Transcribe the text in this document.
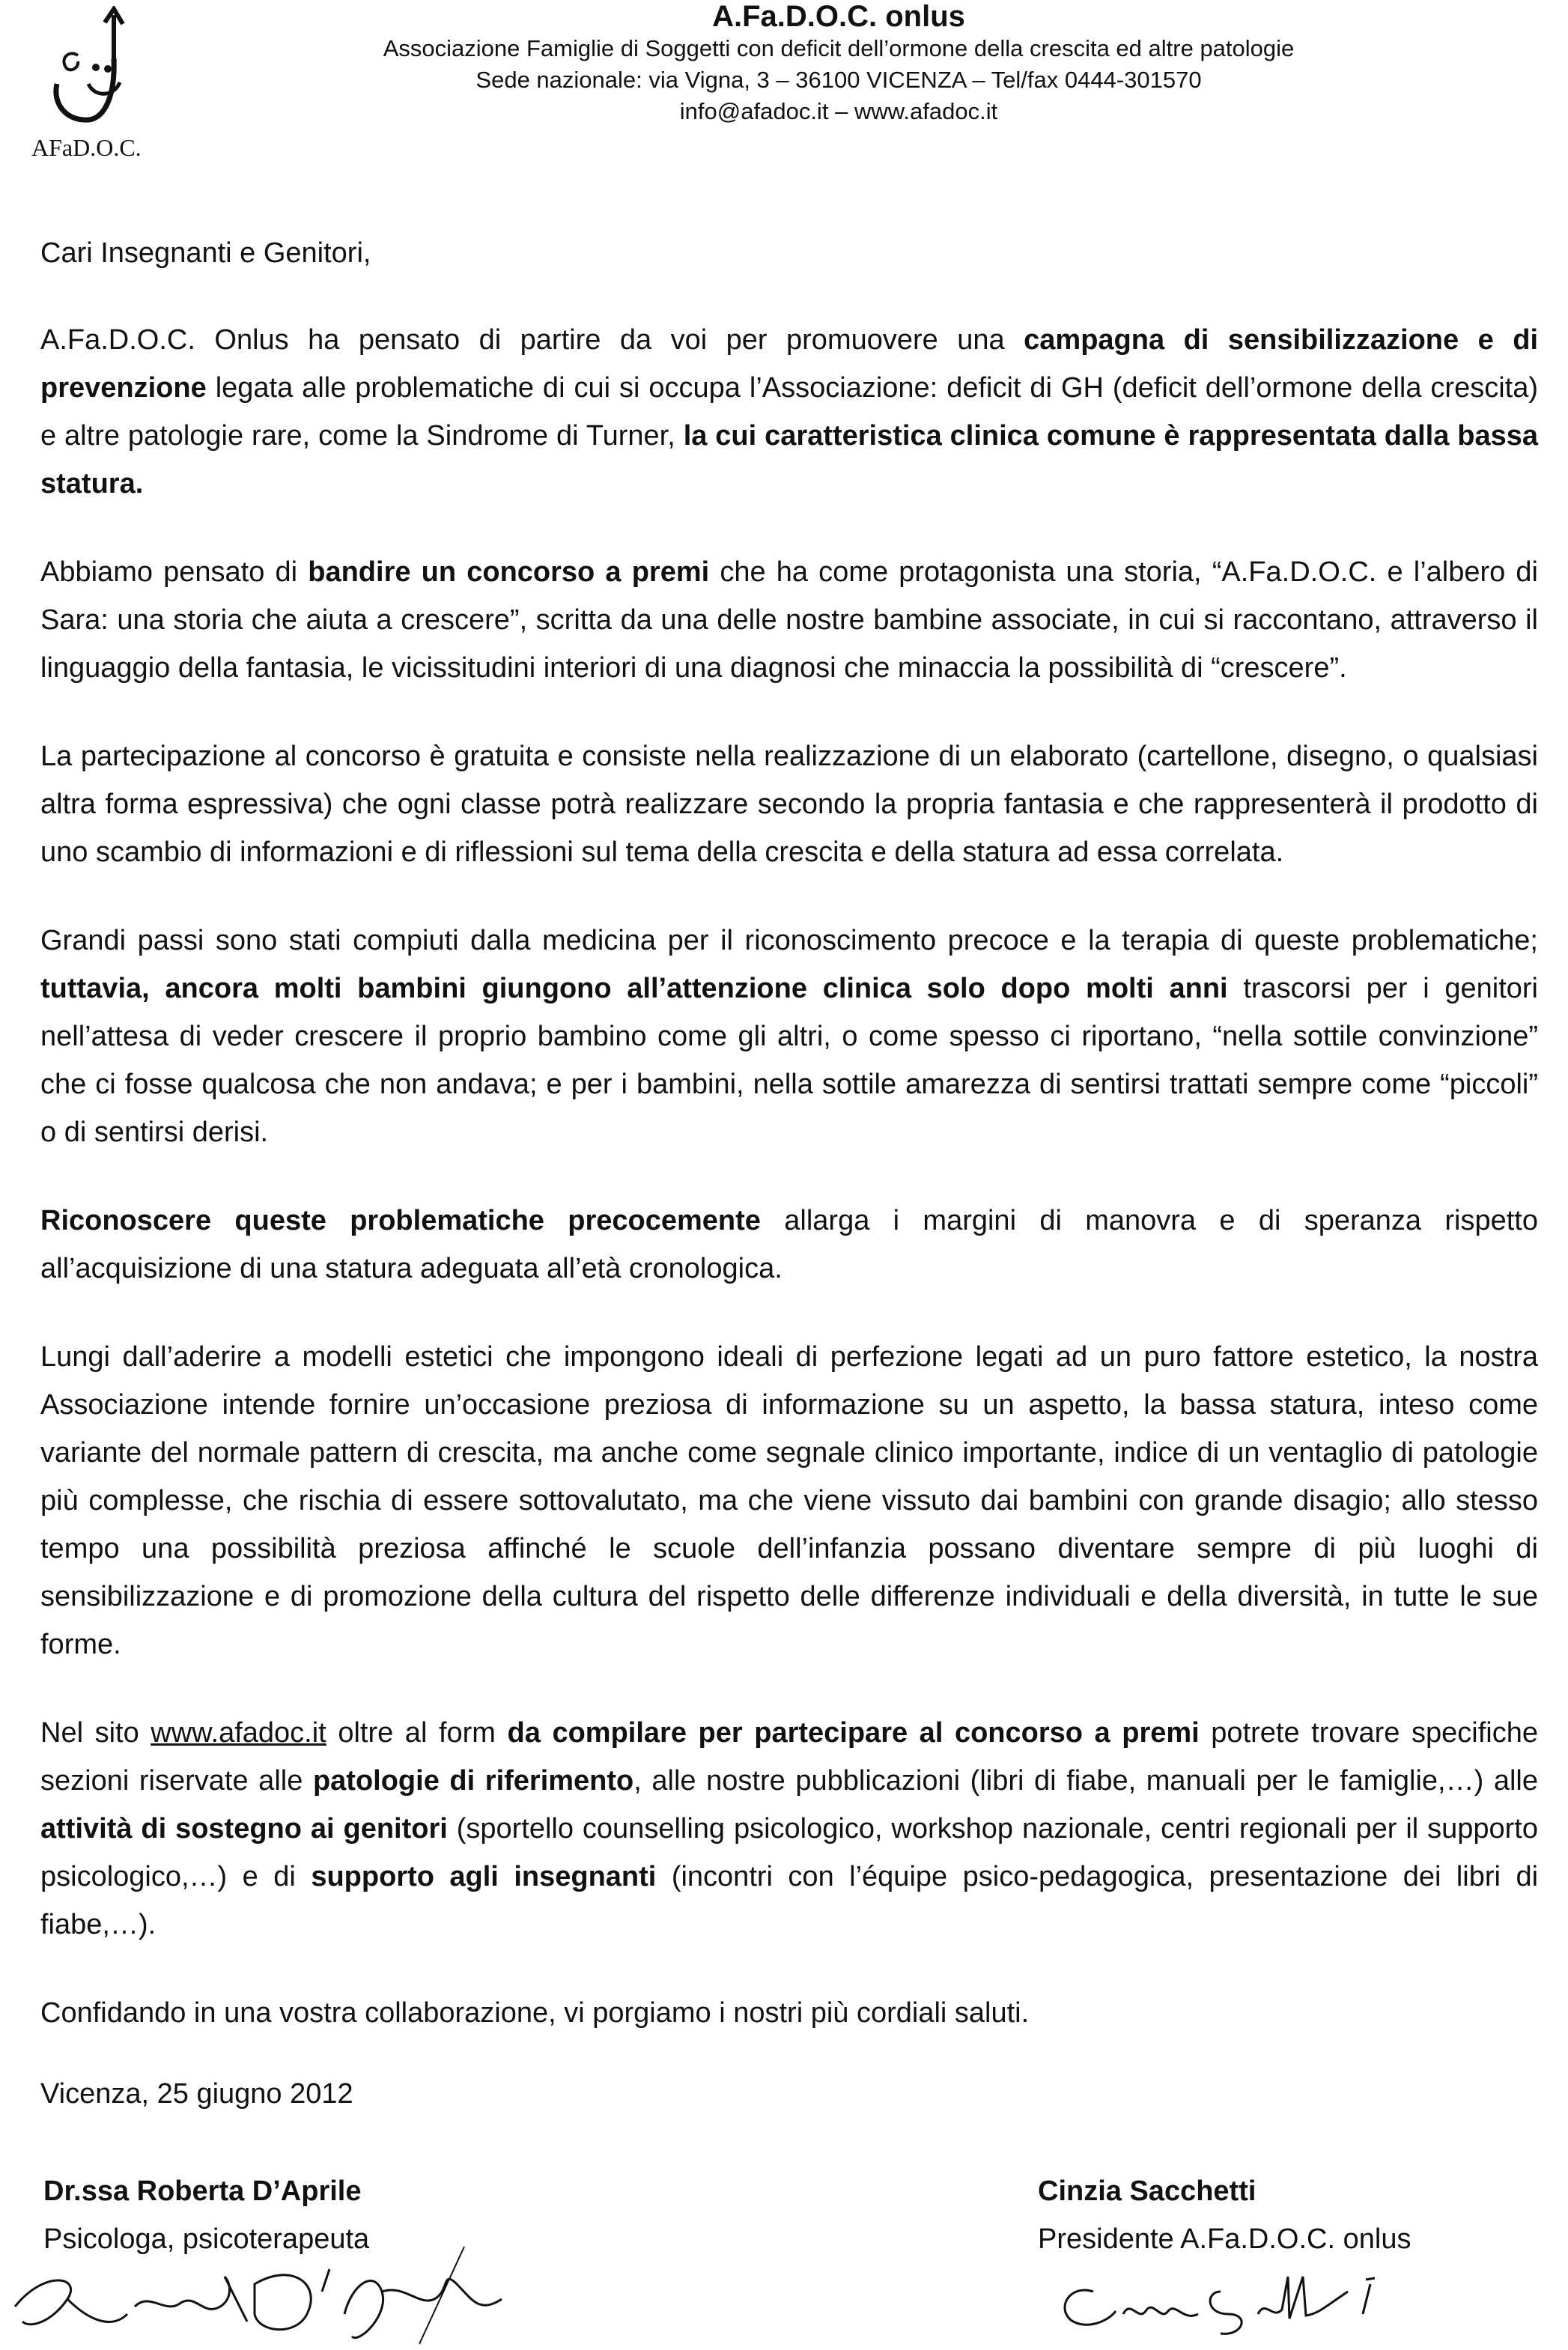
AFaD.O.C.
A.Fa.D.O.C. onlus
Associazione Famiglie di Soggetti con deficit dell’ormone della crescita ed altre patologie
Sede nazionale: via Vigna, 3 – 36100 VICENZA – Tel/fax 0444-301570
info@afadoc.it – www.afadoc.it
Cari Insegnanti e Genitori,

A.Fa.D.O.C. Onlus ha pensato di partire da voi per promuovere una campagna di sensibilizzazione e di prevenzione legata alle problematiche di cui si occupa l’Associazione: deficit di GH (deficit dell’ormone della crescita) e altre patologie rare, come la Sindrome di Turner, la cui caratteristica clinica comune è rappresentata dalla bassa statura.

Abbiamo pensato di bandire un concorso a premi che ha come protagonista una storia, “A.Fa.D.O.C. e l’albero di Sara: una storia che aiuta a crescere”, scritta da una delle nostre bambine associate, in cui si raccontano, attraverso il linguaggio della fantasia, le vicissitudini interiori di una diagnosi che minaccia la possibilità di “crescere”.

La partecipazione al concorso è gratuita e consiste nella realizzazione di un elaborato (cartellone, disegno, o qualsiasi altra forma espressiva) che ogni classe potrà realizzare secondo la propria fantasia e che rappresenterà il prodotto di uno scambio di informazioni e di riflessioni sul tema della crescita e della statura ad essa correlata.

Grandi passi sono stati compiuti dalla medicina per il riconoscimento precoce e la terapia di queste problematiche; tuttavia, ancora molti bambini giungono all’attenzione clinica solo dopo molti anni trascorsi per i genitori nell’attesa di veder crescere il proprio bambino come gli altri, o come spesso ci riportano, “nella sottile convinzione” che ci fosse qualcosa che non andava; e per i bambini, nella sottile amarezza di sentirsi trattati sempre come “piccoli” o di sentirsi derisi.

Riconoscere queste problematiche precocemente allarga i margini di manovra e di speranza rispetto all’acquisizione di una statura adeguata all’età cronologica.

Lungi dall’aderire a modelli estetici che impongono ideali di perfezione legati ad un puro fattore estetico, la nostra Associazione intende fornire un’occasione preziosa di informazione su un aspetto, la bassa statura, inteso come variante del normale pattern di crescita, ma anche come segnale clinico importante, indice di un ventaglio di patologie più complesse, che rischia di essere sottovalutato, ma che viene vissuto dai bambini con grande disagio; allo stesso tempo una possibilità preziosa affinché le scuole dell’infanzia possano diventare sempre di più luoghi di sensibilizzazione e di promozione della cultura del rispetto delle differenze individuali e della diversità, in tutte le sue forme.

Nel sito www.afadoc.it oltre al form da compilare per partecipare al concorso a premi potrete trovare specifiche sezioni riservate alle patologie di riferimento, alle nostre pubblicazioni (libri di fiabe, manuali per le famiglie,…) alle attività di sostegno ai genitori (sportello counselling psicologico, workshop nazionale, centri regionali per il supporto psicologico,…) e di supporto agli insegnanti (incontri con l’équipe psico-pedagogica, presentazione dei libri di fiabe,…).

Confidando in una vostra collaborazione, vi porgiamo i nostri più cordiali saluti.

Vicenza, 25 giugno 2012

Dr.ssa Roberta D’Aprile
Psicologa, psicoterapeuta
Cinzia Sacchetti
Presidente A.Fa.D.O.C. onlus
